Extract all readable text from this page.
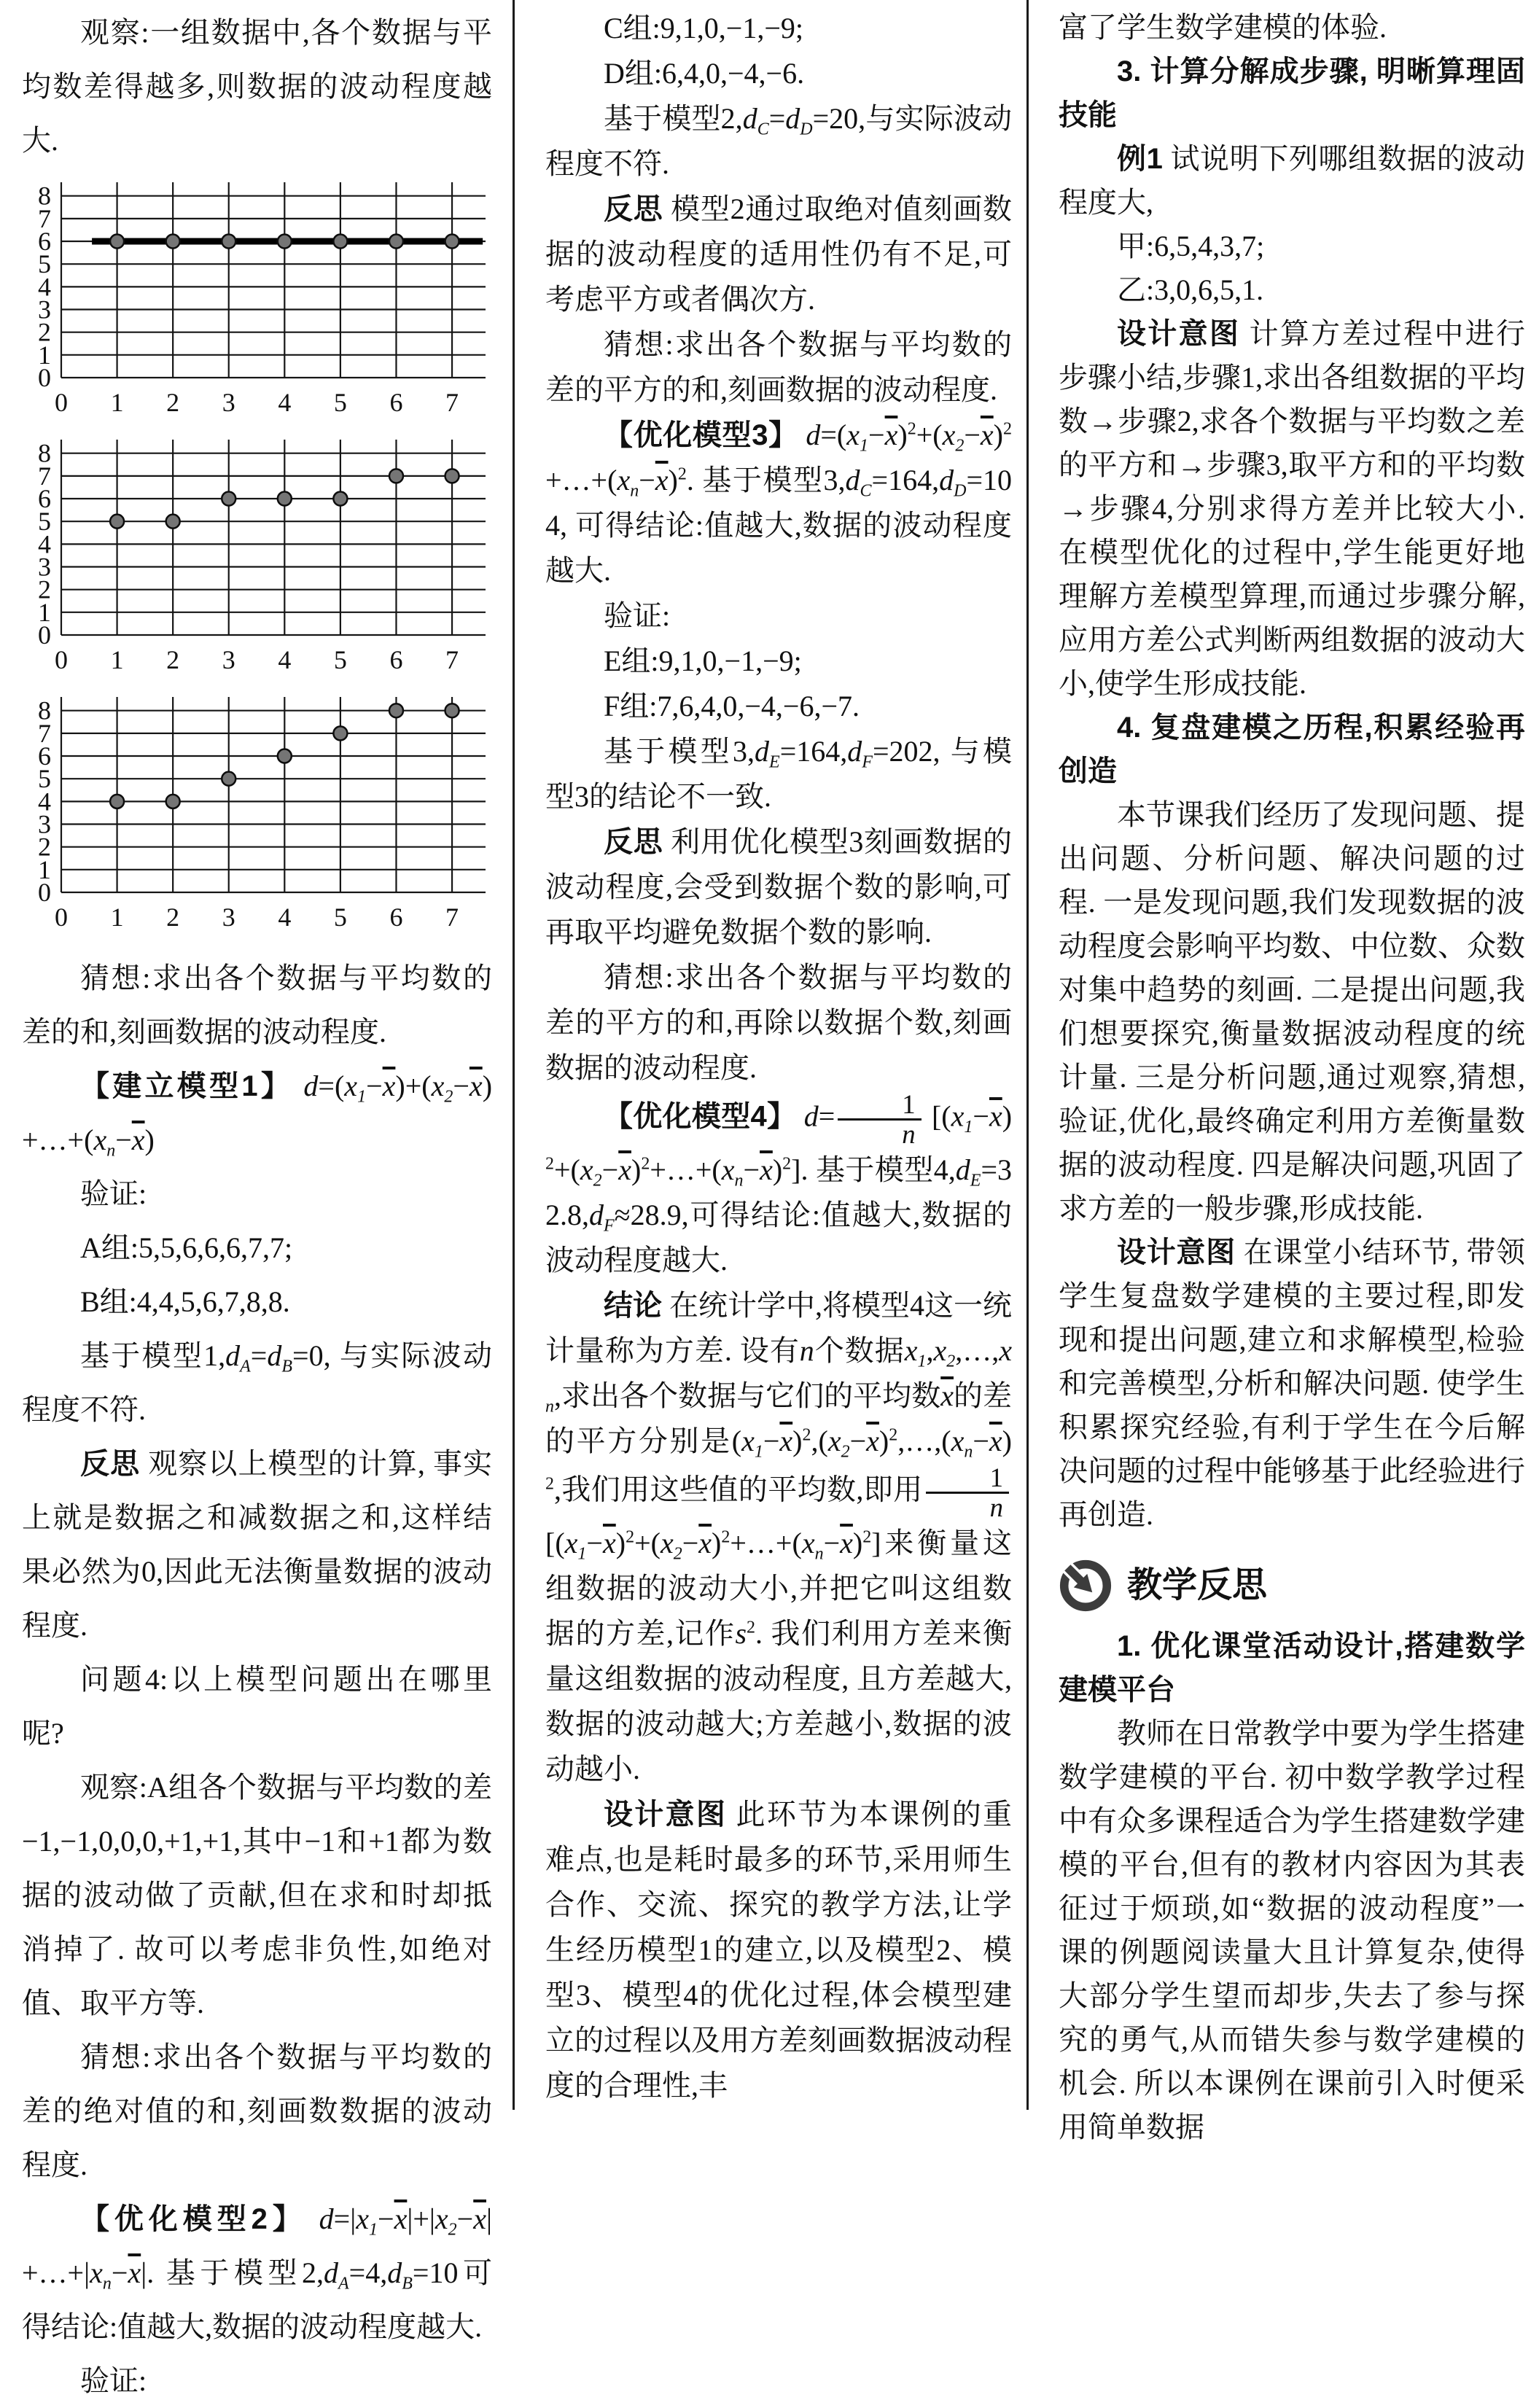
观察:一组数据中,各个数据与平均数差得越多,则数据的波动程度越大.

0
1
2
3
4
5
6
7
8
0 1 2 3 4 5 6 7
0
1
2
3
4
5
6
7
8
0 1 2 3 4 5 6 7
0
1
2
3
4
5
6
7
8
0 1 2 3 4 5 6 7

猜想:求出各个数据与平均数的差的和,刻画数据的波动程度.

【建立模型1】 $d=(x_1-\overline{x})+(x_2-\overline{x})+\dots+(x_n-\overline{x})$

验证:

A组:5,5,6,6,6,7,7;

B组:4,4,5,6,7,8,8.

基于模型$1,d_A=d_B=0$, 与实际波动程度不符.

反思 观察以上模型的计算, 事实上就是数据之和减数据之和,这样结果必然为0,因此无法衡量数据的波动程度.

问题4:以上模型问题出在哪里呢?

观察:A组各个数据与平均数的差−1,−1,0,0,0,+1,+1,其中−1和+1都为数据的波动做了贡献,但在求和时却抵消掉了. 故可以考虑非负性,如绝对值、取平方等.

猜想:求出各个数据与平均数的差的绝对值的和,刻画数数据的波动程度.

【优化模型2】 $d=|x_1-\overline{x}|+|x_2-\overline{x}|+\dots+|x_n-\overline{x}|$. 基于模型$2,d_A=4,d_B=10$可得结论:值越大,数据的波动程度越大.

验证:

C组:9,1,0,−1,−9;

D组:6,4,0,−4,−6.

基于模型$2,d_C=d_D=20$,与实际波动程度不符.

反思 模型2通过取绝对值刻画数据的波动程度的适用性仍有不足,可考虑平方或者偶次方.

猜想:求出各个数据与平均数的差的平方的和,刻画数据的波动程度.

【优化模型3】 $d=(x_1-\overline{x})^2+(x_2-\overline{x})^2+\dots+(x_n-\overline{x})^2$. 基于模型$3,d_C=164,d_D=104$, 可得结论:值越大,数据的波动程度越大.

验证:

E组:9,1,0,−1,−9;

F组:7,6,4,0,−4,−6,−7.

基于模型$3,d_E=164,d_F=202$, 与模型3的结论不一致.

反思 利用优化模型3刻画数据的波动程度,会受到数据个数的影响,可再取平均避免数据个数的影响.

猜想:求出各个数据与平均数的差的平方的和,再除以数据个数,刻画数据的波动程度.

【优化模型4】 $d= \frac{1}{n}$ $[(x_1-\overline{x})^2+(x_2-\overline{x})^2+\dots+(x_n-\overline{x})^2]$. 基于模型$4,d_E=32.8,d_F\approx 28.9$,可得结论:值越大,数据的波动程度越大.

结论 在统计学中,将模型4这一统计量称为方差. 设有n个数据$x_1,x_2,\dots,x_n$,求出各个数据与它们的平均数$\overline{x}$的差的平方分别是$(x_1-\overline{x})^2,(x_2-\overline{x})^2,\dots,(x_n-\overline{x})^2$,我们用这些值的平均数,即用 $\frac{1}{n}$
$[(x_1-\overline{x})^2+(x_2-\overline{x})^2+\dots+(x_n-\overline{x})^2]$来衡量这组数据的波动大小,并把它叫这组数据的方差,记作$s^2$. 我们利用方差来衡量这组数据的波动程度, 且方差越大,数据的波动越大;方差越小,数据的波动越小.

设计意图 此环节为本课例的重难点,也是耗时最多的环节,采用师生合作、交流、探究的教学方法,让学生经历模型1的建立,以及模型2、模型3、模型4的优化过程,体会模型建立的过程以及用方差刻画数据波动程度的合理性,丰

富了学生数学建模的体验.

3. 计算分解成步骤, 明晰算理固技能

例1 试说明下列哪组数据的波动程度大,

甲:6,5,4,3,7;

乙:3,0,6,5,1.

设计意图 计算方差过程中进行步骤小结,步骤1,求出各组数据的平均数→步骤2,求各个数据与平均数之差的平方和→步骤3,取平方和的平均数→步骤4,分别求得方差并比较大小. 在模型优化的过程中,学生能更好地理解方差模型算理,而通过步骤分解,应用方差公式判断两组数据的波动大小,使学生形成技能.

4. 复盘建模之历程,积累经验再创造

本节课我们经历了发现问题、提出问题、分析问题、解决问题的过程. 一是发现问题,我们发现数据的波动程度会影响平均数、中位数、众数对集中趋势的刻画. 二是提出问题,我们想要探究,衡量数据波动程度的统计量. 三是分析问题,通过观察,猜想,验证,优化,最终确定利用方差衡量数据的波动程度. 四是解决问题,巩固了求方差的一般步骤,形成技能.

设计意图 在课堂小结环节, 带领学生复盘数学建模的主要过程,即发现和提出问题,建立和求解模型,检验和完善模型,分析和解决问题. 使学生积累探究经验,有利于学生在今后解决问题的过程中能够基于此经验进行再创造.

教学反思

1. 优化课堂活动设计,搭建数学建模平台

教师在日常教学中要为学生搭建数学建模的平台. 初中数学教学过程中有众多课程适合为学生搭建数学建模的平台,但有的教材内容因为其表征过于烦琐,如“数据的波动程度”一课的例题阅读量大且计算复杂,使得大部分学生望而却步,失去了参与探究的勇气,从而错失参与数学建模的机会. 所以本课例在课前引入时便采用简单数据
